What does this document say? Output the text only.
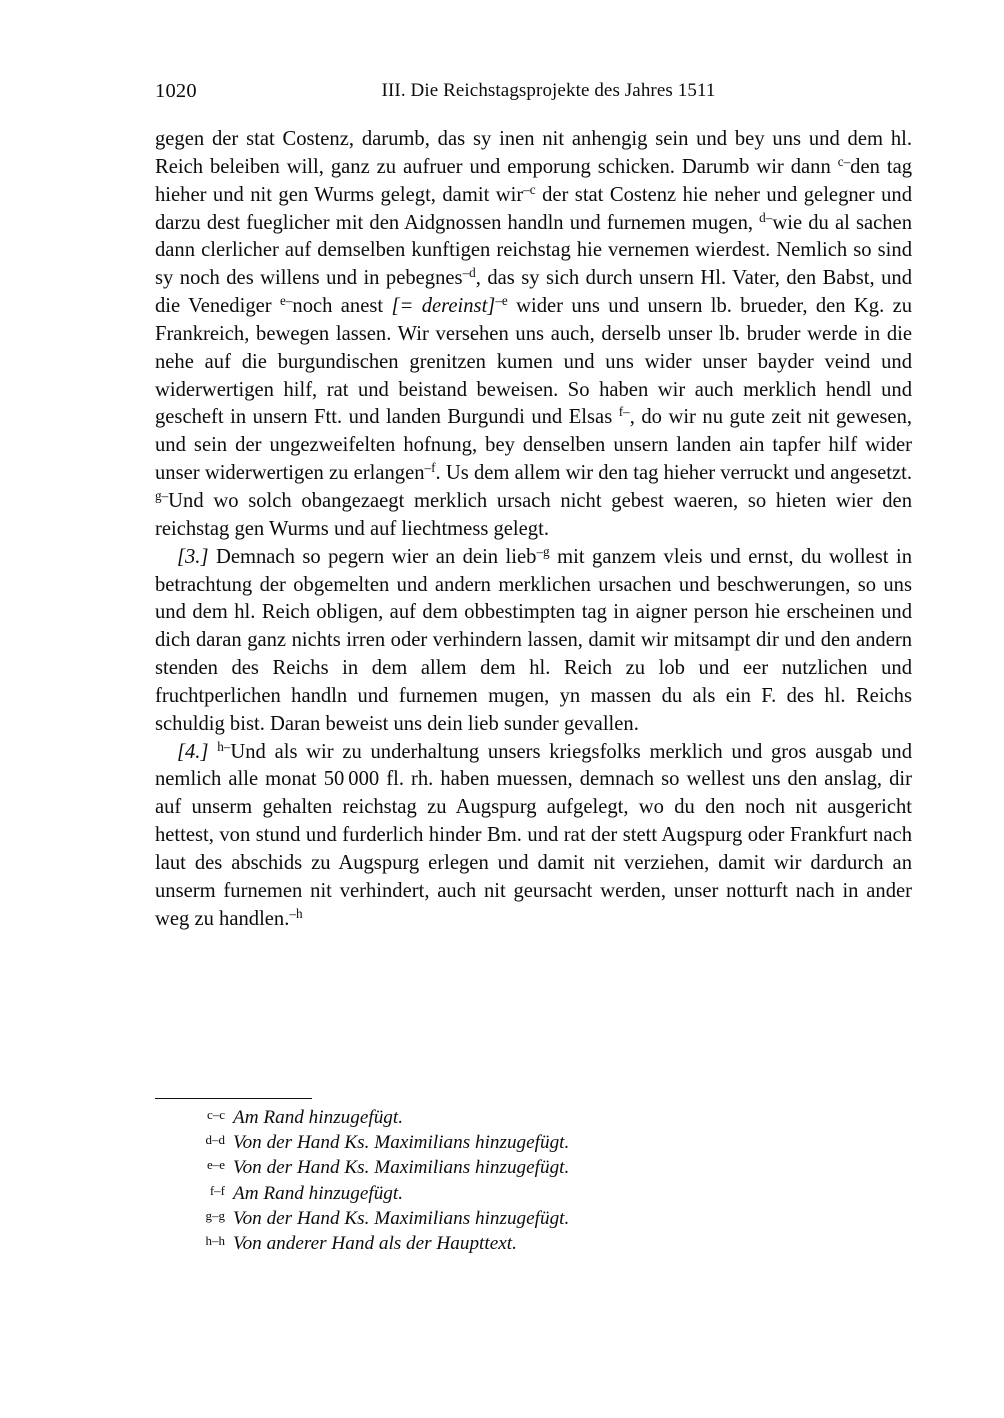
1020	III. Die Reichstagsprojekte des Jahres 1511

gegen der stat Costenz, darumb, das sy inen nit anhengig sein und bey uns und dem hl. Reich beleiben will, ganz zu aufruer und emporung schicken. Darumb wir dann $^{c-}$den tag hieher und nit gen Wurms gelegt, damit wir$^{-c}$ der stat Costenz hie neher und gelegner und darzu dest fueglicher mit den Aidgnossen handln und furnemen mugen, $^{d-}$wie du al sachen dann clerlicher auf demselben kunftigen reichstag hie vernemen wierdest. Nemlich so sind sy noch des willens und in pebegnes$^{-d}$, das sy sich durch unsern Hl. Vater, den Babst, und die Venediger $^{e-}$noch anest [= dereinst]$^{-e}$ wider uns und unsern lb. brueder, den Kg. zu Frankreich, bewegen lassen. Wir versehen uns auch, derselb unser lb. bruder werde in die nehe auf die burgundischen grenitzen kumen und uns wider unser bayder veind und widerwertigen hilf, rat und beistand beweisen. So haben wir auch merklich hendl und gescheft in unsern Ftt. und landen Burgundi und Elsas $^{f-}$, do wir nu gute zeit nit gewesen, und sein der ungezweifelten hofnung, bey denselben unsern landen ain tapfer hilf wider unser widerwertigen zu erlangen$^{-f}$. Us dem allem wir den tag hieher verruckt und angesetzt. $^{g-}$Und wo solch obangezaegt merklich ursach nicht gebest waeren, so hieten wier den reichstag gen Wurms und auf liechtmess gelegt.

[3.] Demnach so pegern wier an dein lieb$^{-g}$ mit ganzem vleis und ernst, du wollest in betrachtung der obgemelten und andern merklichen ursachen und beschwerungen, so uns und dem hl. Reich obligen, auf dem obbestimpten tag in aigner person hie erscheinen und dich daran ganz nichts irren oder verhindern lassen, damit wir mitsampt dir und den andern stenden des Reichs in dem allem dem hl. Reich zu lob und eer nutzlichen und fruchtperlichen handln und furnemen mugen, yn massen du als ein F. des hl. Reichs schuldig bist. Daran beweist uns dein lieb sunder gevallen.

[4.] $^{h-}$Und als wir zu underhaltung unsers kriegsfolks merklich und gros ausgab und nemlich alle monat 50 000 fl. rh. haben muessen, demnach so wellest uns den anslag, dir auf unserm gehalten reichstag zu Augspurg aufgelegt, wo du den noch nit ausgericht hettest, von stund und furderlich hinder Bm. und rat der stett Augspurg oder Frankfurt nach laut des abschids zu Augspurg erlegen und damit nit verziehen, damit wir dardurch an unserm furnemen nit verhindert, auch nit geursacht werden, unser notturft nach in ander weg zu handlen.$^{-h}$

c–c Am Rand hinzugefügt.
d–d Von der Hand Ks. Maximilians hinzugefügt.
e–e Von der Hand Ks. Maximilians hinzugefügt.
f–f Am Rand hinzugefügt.
g–g Von der Hand Ks. Maximilians hinzugefügt.
h–h Von anderer Hand als der Haupttext.
